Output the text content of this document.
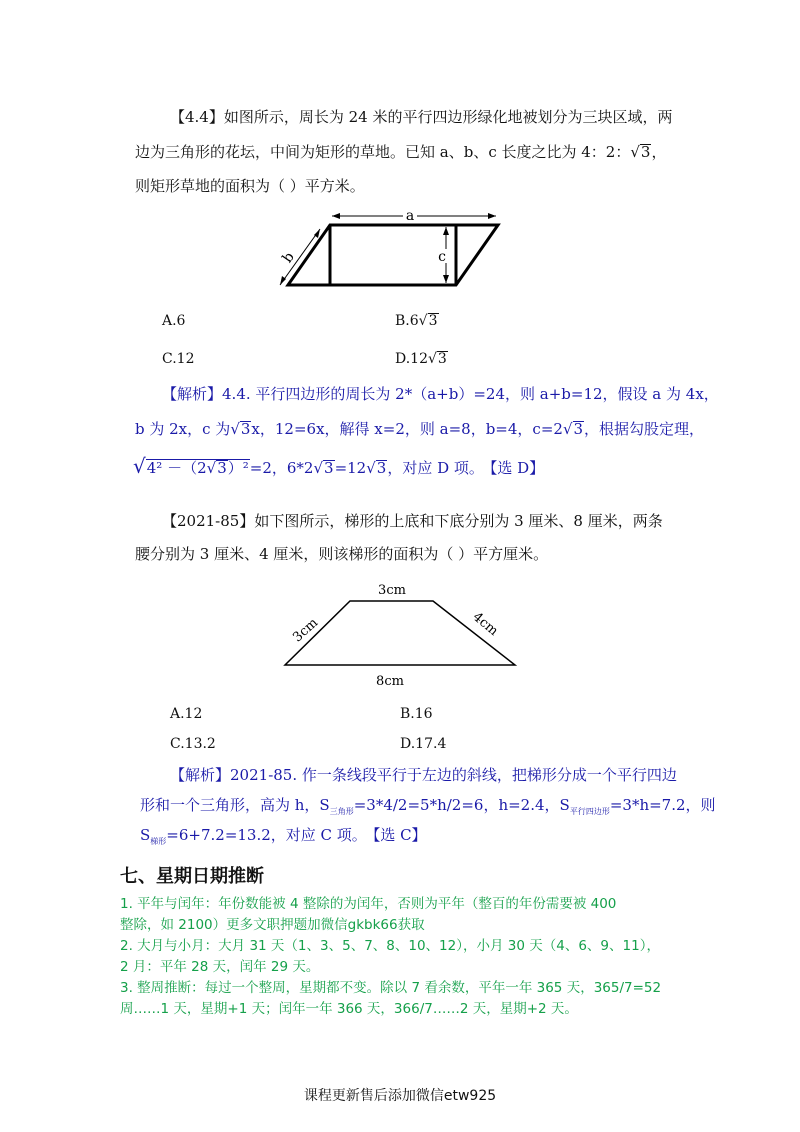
【4.4】如图所示，周长为 24 米的平行四边形绿化地被划分为三块区域，两
边为三角形的花坛，中间为矩形的草地。已知 a、b、c 长度之比为 4：2：√3，
则矩形草地的面积为（ ）平方米。
a
b	c
A.6	B.6√3
C.12	D.12√3
【解析】4.4. 平行四边形的周长为 2*（a+b）=24，则 a+b=12，假设 a 为 4x，
b 为 2x，c 为√3x，12=6x，解得 x=2，则 a=8，b=4，c=2√3，根据勾股定理，
√4² －（2√3）²=2，6*2√3=12√3，对应 D 项。 【选 D】
【2021-85】如下图所示，梯形的上底和下底分别为 3 厘米、8 厘米，两条
腰分别为 3 厘米、4 厘米，则该梯形的面积为（ ）平方厘米。
3cm
3cm	4cm
8cm
A.12	B.16
C.13.2	D.17.4
【解析】2021-85. 作一条线段平行于左边的斜线，把梯形分成一个平行四边
形和一个三角形，高为 h，$S_{三角形}=3*4/2=5*h/2=6$，h=2.4，$S_{平行四边形}=3*h=7.2$，则
$S_{梯形}=6+7.2=13.2$，对应 C 项。 【选 C】
七、星期日期推断
1. 平年与闰年：年份数能被 4 整除的为闰年，否则为平年（整百的年份需要被 400
整除，如 2100）更多文职押题加微信gkbk66获取
2. 大月与小月：大月 31 天（1、3、5、7、8、10、12），小月 30 天（4、6、9、11），
2 月：平年 28 天，闰年 29 天。
3. 整周推断：每过一个整周，星期都不变。除以 7 看余数，平年一年 365 天，365/7=52
周……1 天，星期+1 天；闰年一年 366 天，366/7……2 天，星期+2 天。
课程更新售后添加微信etw925
